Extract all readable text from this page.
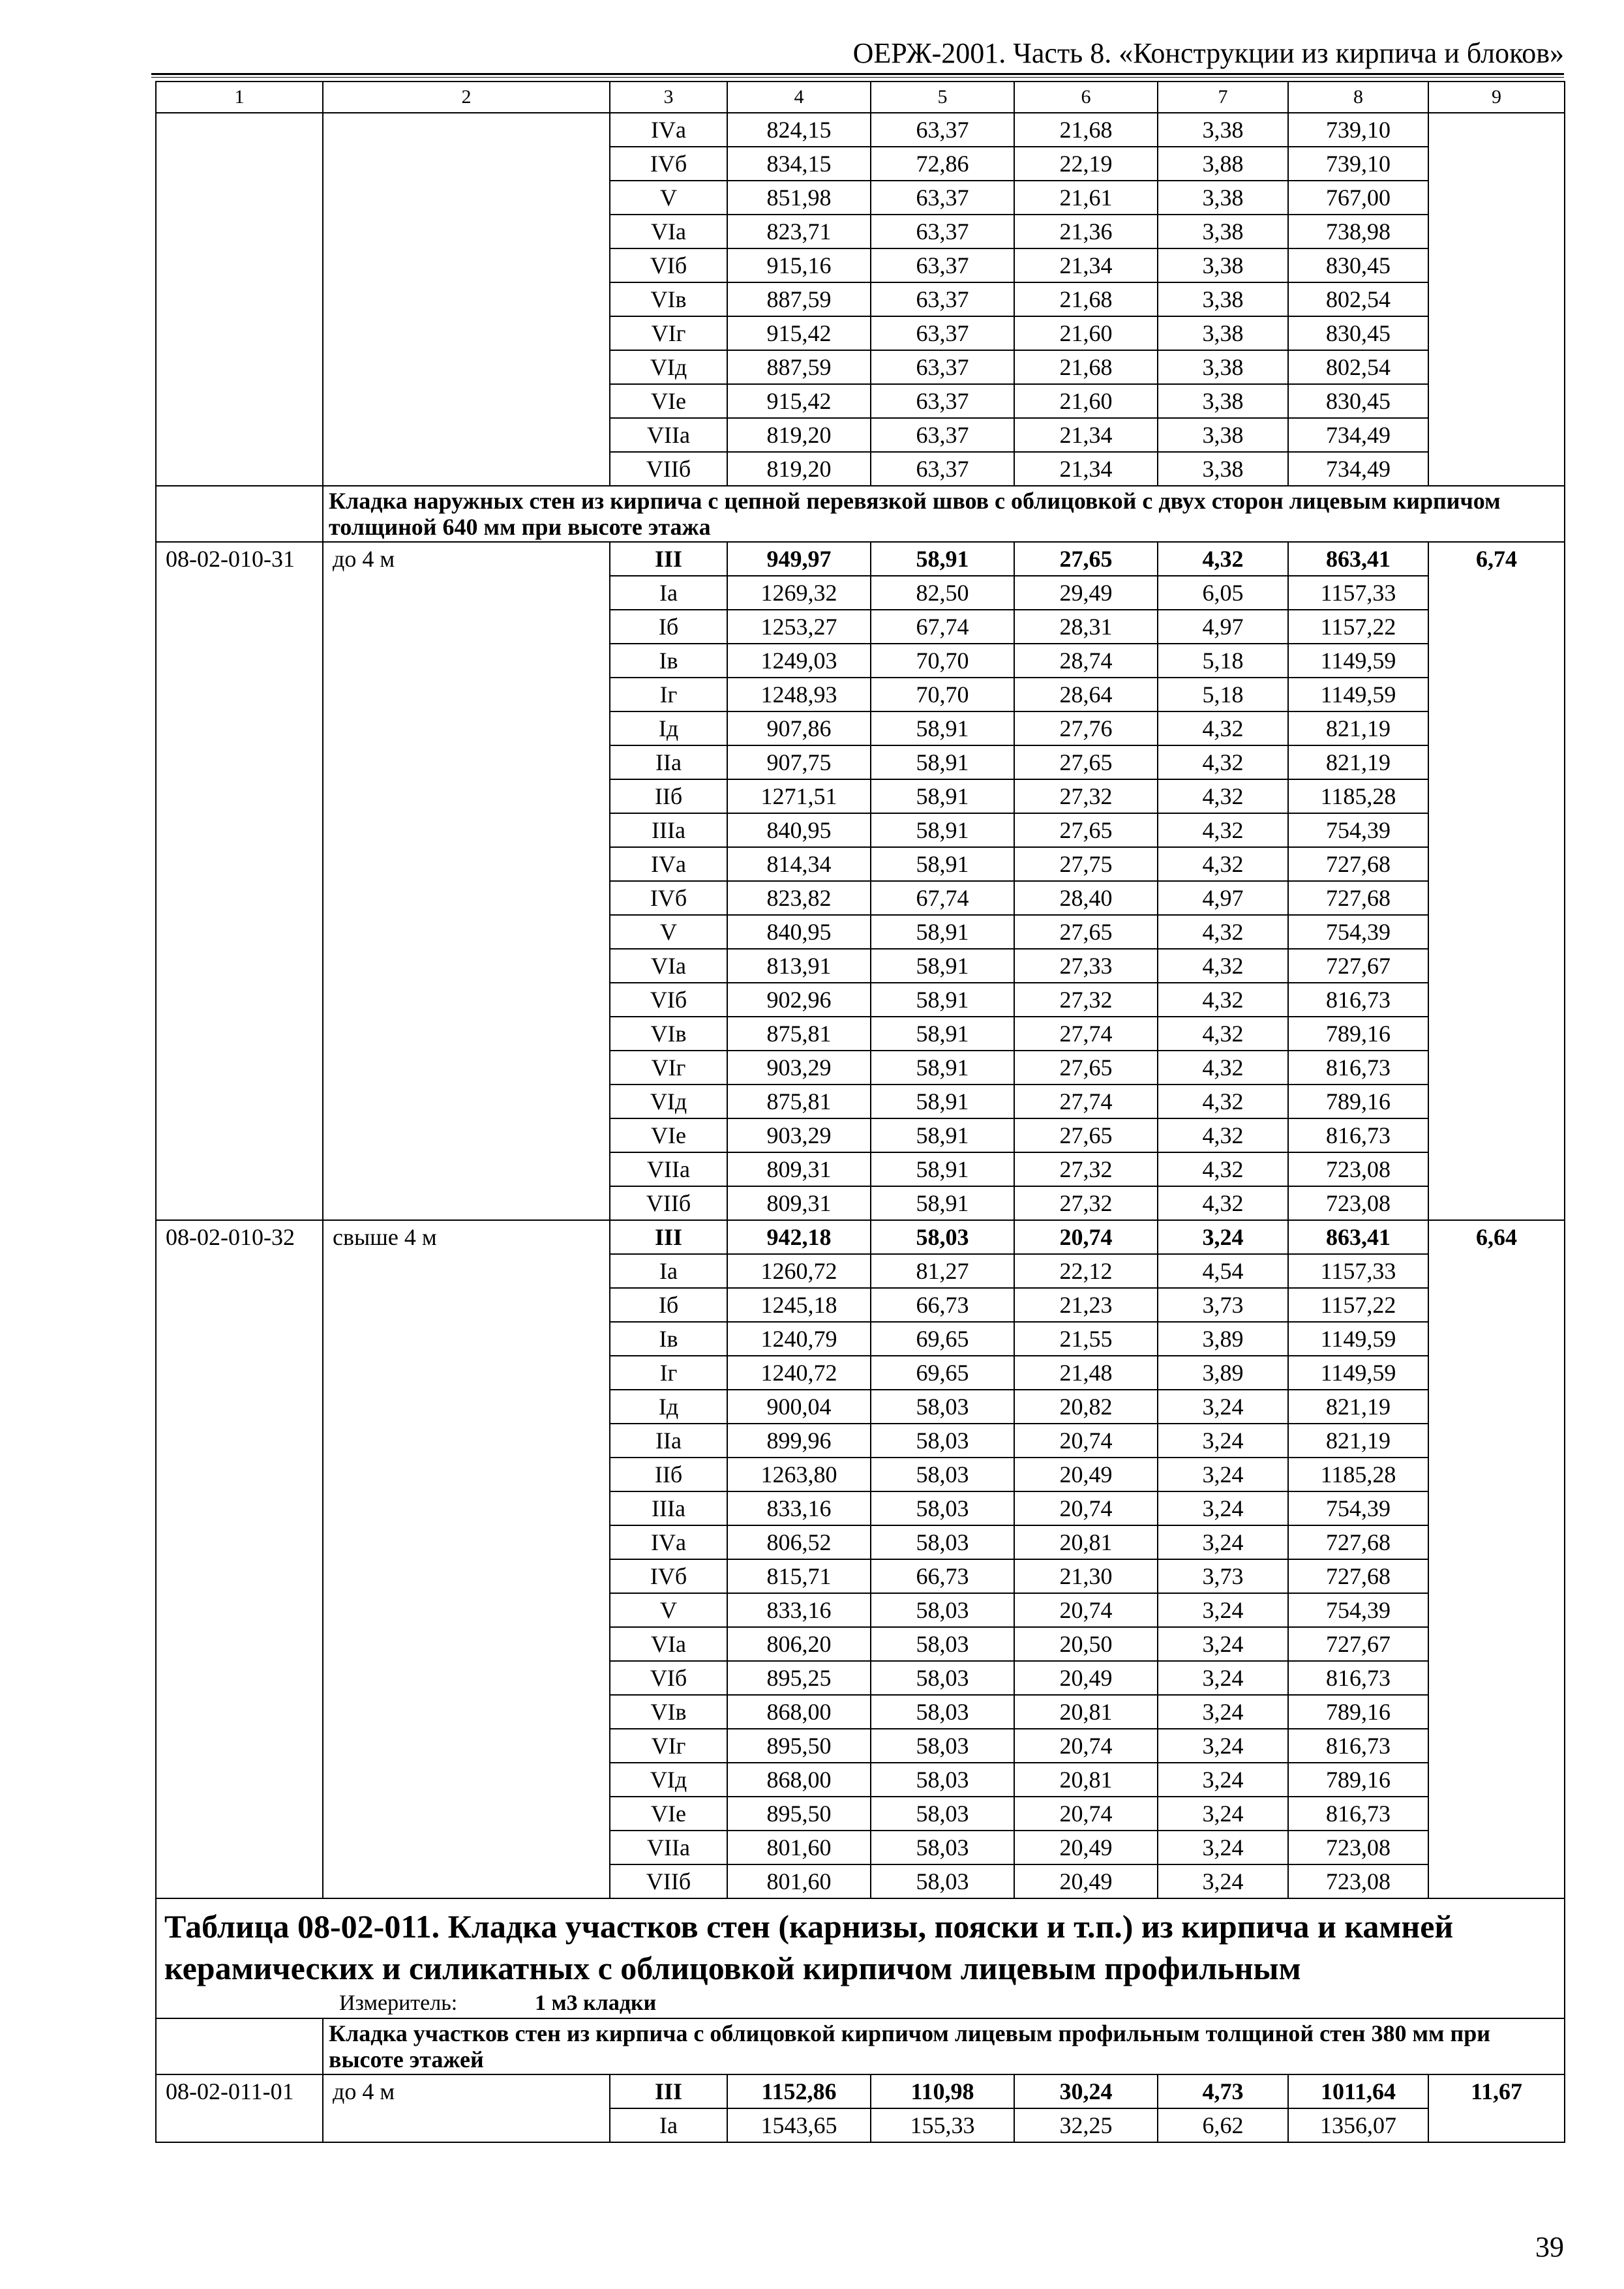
ОЕРЖ-2001. Часть 8. «Конструкции из кирпича и блоков»
1	2	3	4	5	6	7	8	9
		IVа	824,15	63,37	21,68	3,38	739,10	
		IVб	834,15	72,86	22,19	3,88	739,10	
		V	851,98	63,37	21,61	3,38	767,00	
		VIа	823,71	63,37	21,36	3,38	738,98	
		VIб	915,16	63,37	21,34	3,38	830,45	
		VIв	887,59	63,37	21,68	3,38	802,54	
		VIг	915,42	63,37	21,60	3,38	830,45	
		VIд	887,59	63,37	21,68	3,38	802,54	
		VIе	915,42	63,37	21,60	3,38	830,45	
		VIIа	819,20	63,37	21,34	3,38	734,49	
		VIIб	819,20	63,37	21,34	3,38	734,49	
	Кладка наружных стен из кирпича с цепной перевязкой швов с облицовкой с двух сторон лицевым кирпичом толщиной 640 мм при высоте этажа							
08-02-010-31	до 4 м	III	949,97	58,91	27,65	4,32	863,41	6,74
		Iа	1269,32	82,50	29,49	6,05	1157,33	
		Iб	1253,27	67,74	28,31	4,97	1157,22	
		Iв	1249,03	70,70	28,74	5,18	1149,59	
		Iг	1248,93	70,70	28,64	5,18	1149,59	
		Iд	907,86	58,91	27,76	4,32	821,19	
		IIа	907,75	58,91	27,65	4,32	821,19	
		IIб	1271,51	58,91	27,32	4,32	1185,28	
		IIIа	840,95	58,91	27,65	4,32	754,39	
		IVа	814,34	58,91	27,75	4,32	727,68	
		IVб	823,82	67,74	28,40	4,97	727,68	
		V	840,95	58,91	27,65	4,32	754,39	
		VIа	813,91	58,91	27,33	4,32	727,67	
		VIб	902,96	58,91	27,32	4,32	816,73	
		VIв	875,81	58,91	27,74	4,32	789,16	
		VIг	903,29	58,91	27,65	4,32	816,73	
		VIд	875,81	58,91	27,74	4,32	789,16	
		VIе	903,29	58,91	27,65	4,32	816,73	
		VIIа	809,31	58,91	27,32	4,32	723,08	
		VIIб	809,31	58,91	27,32	4,32	723,08	
08-02-010-32	свыше 4 м	III	942,18	58,03	20,74	3,24	863,41	6,64
		Iа	1260,72	81,27	22,12	4,54	1157,33	
		Iб	1245,18	66,73	21,23	3,73	1157,22	
		Iв	1240,79	69,65	21,55	3,89	1149,59	
		Iг	1240,72	69,65	21,48	3,89	1149,59	
		Iд	900,04	58,03	20,82	3,24	821,19	
		IIа	899,96	58,03	20,74	3,24	821,19	
		IIб	1263,80	58,03	20,49	3,24	1185,28	
		IIIа	833,16	58,03	20,74	3,24	754,39	
		IVа	806,52	58,03	20,81	3,24	727,68	
		IVб	815,71	66,73	21,30	3,73	727,68	
		V	833,16	58,03	20,74	3,24	754,39	
		VIа	806,20	58,03	20,50	3,24	727,67	
		VIб	895,25	58,03	20,49	3,24	816,73	
		VIв	868,00	58,03	20,81	3,24	789,16	
		VIг	895,50	58,03	20,74	3,24	816,73	
		VIд	868,00	58,03	20,81	3,24	789,16	
		VIе	895,50	58,03	20,74	3,24	816,73	
		VIIа	801,60	58,03	20,49	3,24	723,08	
		VIIб	801,60	58,03	20,49	3,24	723,08	

Таблица 08-02-011. Кладка участков стен (карнизы, пояски и т.п.) из кирпича и камней керамических и силикатных с облицовкой кирпичом лицевым профильным
Измеритель: 1 м3 кладки								

	Кладка участков стен из кирпича с облицовкой кирпичом лицевым профильным толщиной стен 380 мм при высоте этажей							
08-02-011-01	до 4 м	III	1152,86	110,98	30,24	4,73	1011,64	11,67
		Iа	1543,65	155,33	32,25	6,62	1356,07	
39
